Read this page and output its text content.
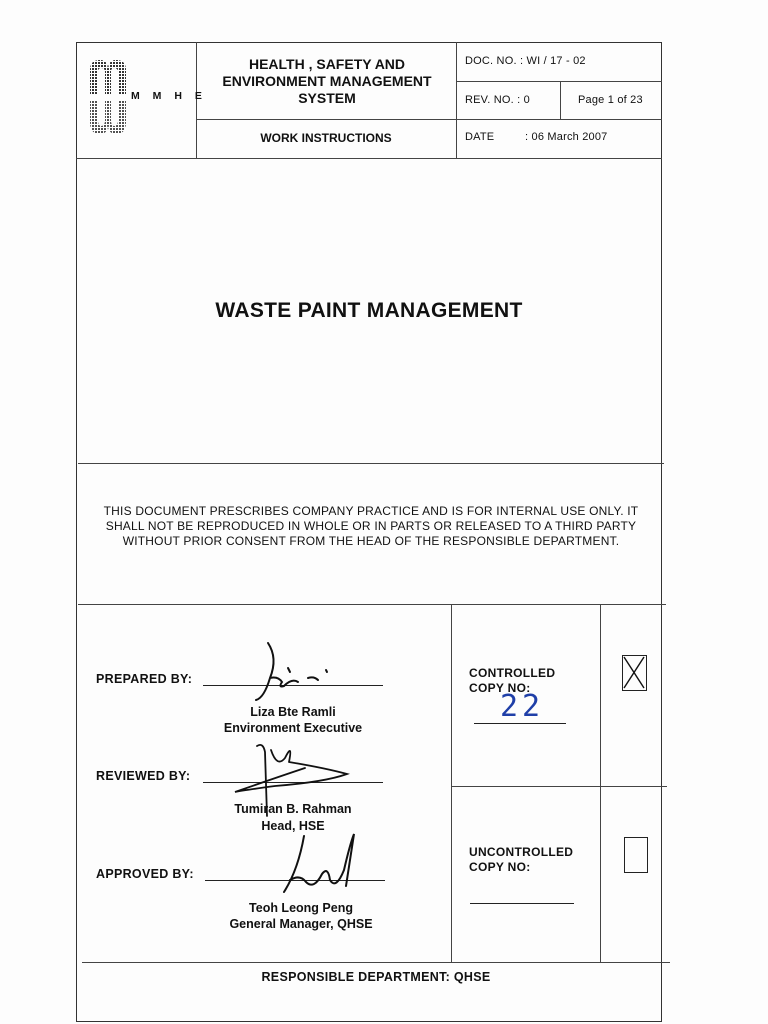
M M H E
HEALTH , SAFETY AND ENVIRONMENT MANAGEMENT SYSTEM
DOC. NO. : WI / 17 - 02
REV. NO. : 0	Page 1 of 23
WORK INSTRUCTIONS	DATE	: 06 March 2007
WASTE PAINT MANAGEMENT
THIS DOCUMENT PRESCRIBES COMPANY PRACTICE AND IS FOR INTERNAL USE ONLY. IT SHALL NOT BE REPRODUCED IN WHOLE OR IN PARTS OR RELEASED TO A THIRD PARTY WITHOUT PRIOR CONSENT FROM THE HEAD OF THE RESPONSIBLE DEPARTMENT.
PREPARED BY:
Liza Bte Ramli
Environment Executive
REVIEWED BY:
Tumiran B. Rahman
Head, HSE
APPROVED BY:
Teoh Leong Peng
General Manager, QHSE
CONTROLLED COPY NO:
22
UNCONTROLLED COPY NO:
RESPONSIBLE DEPARTMENT: QHSE
